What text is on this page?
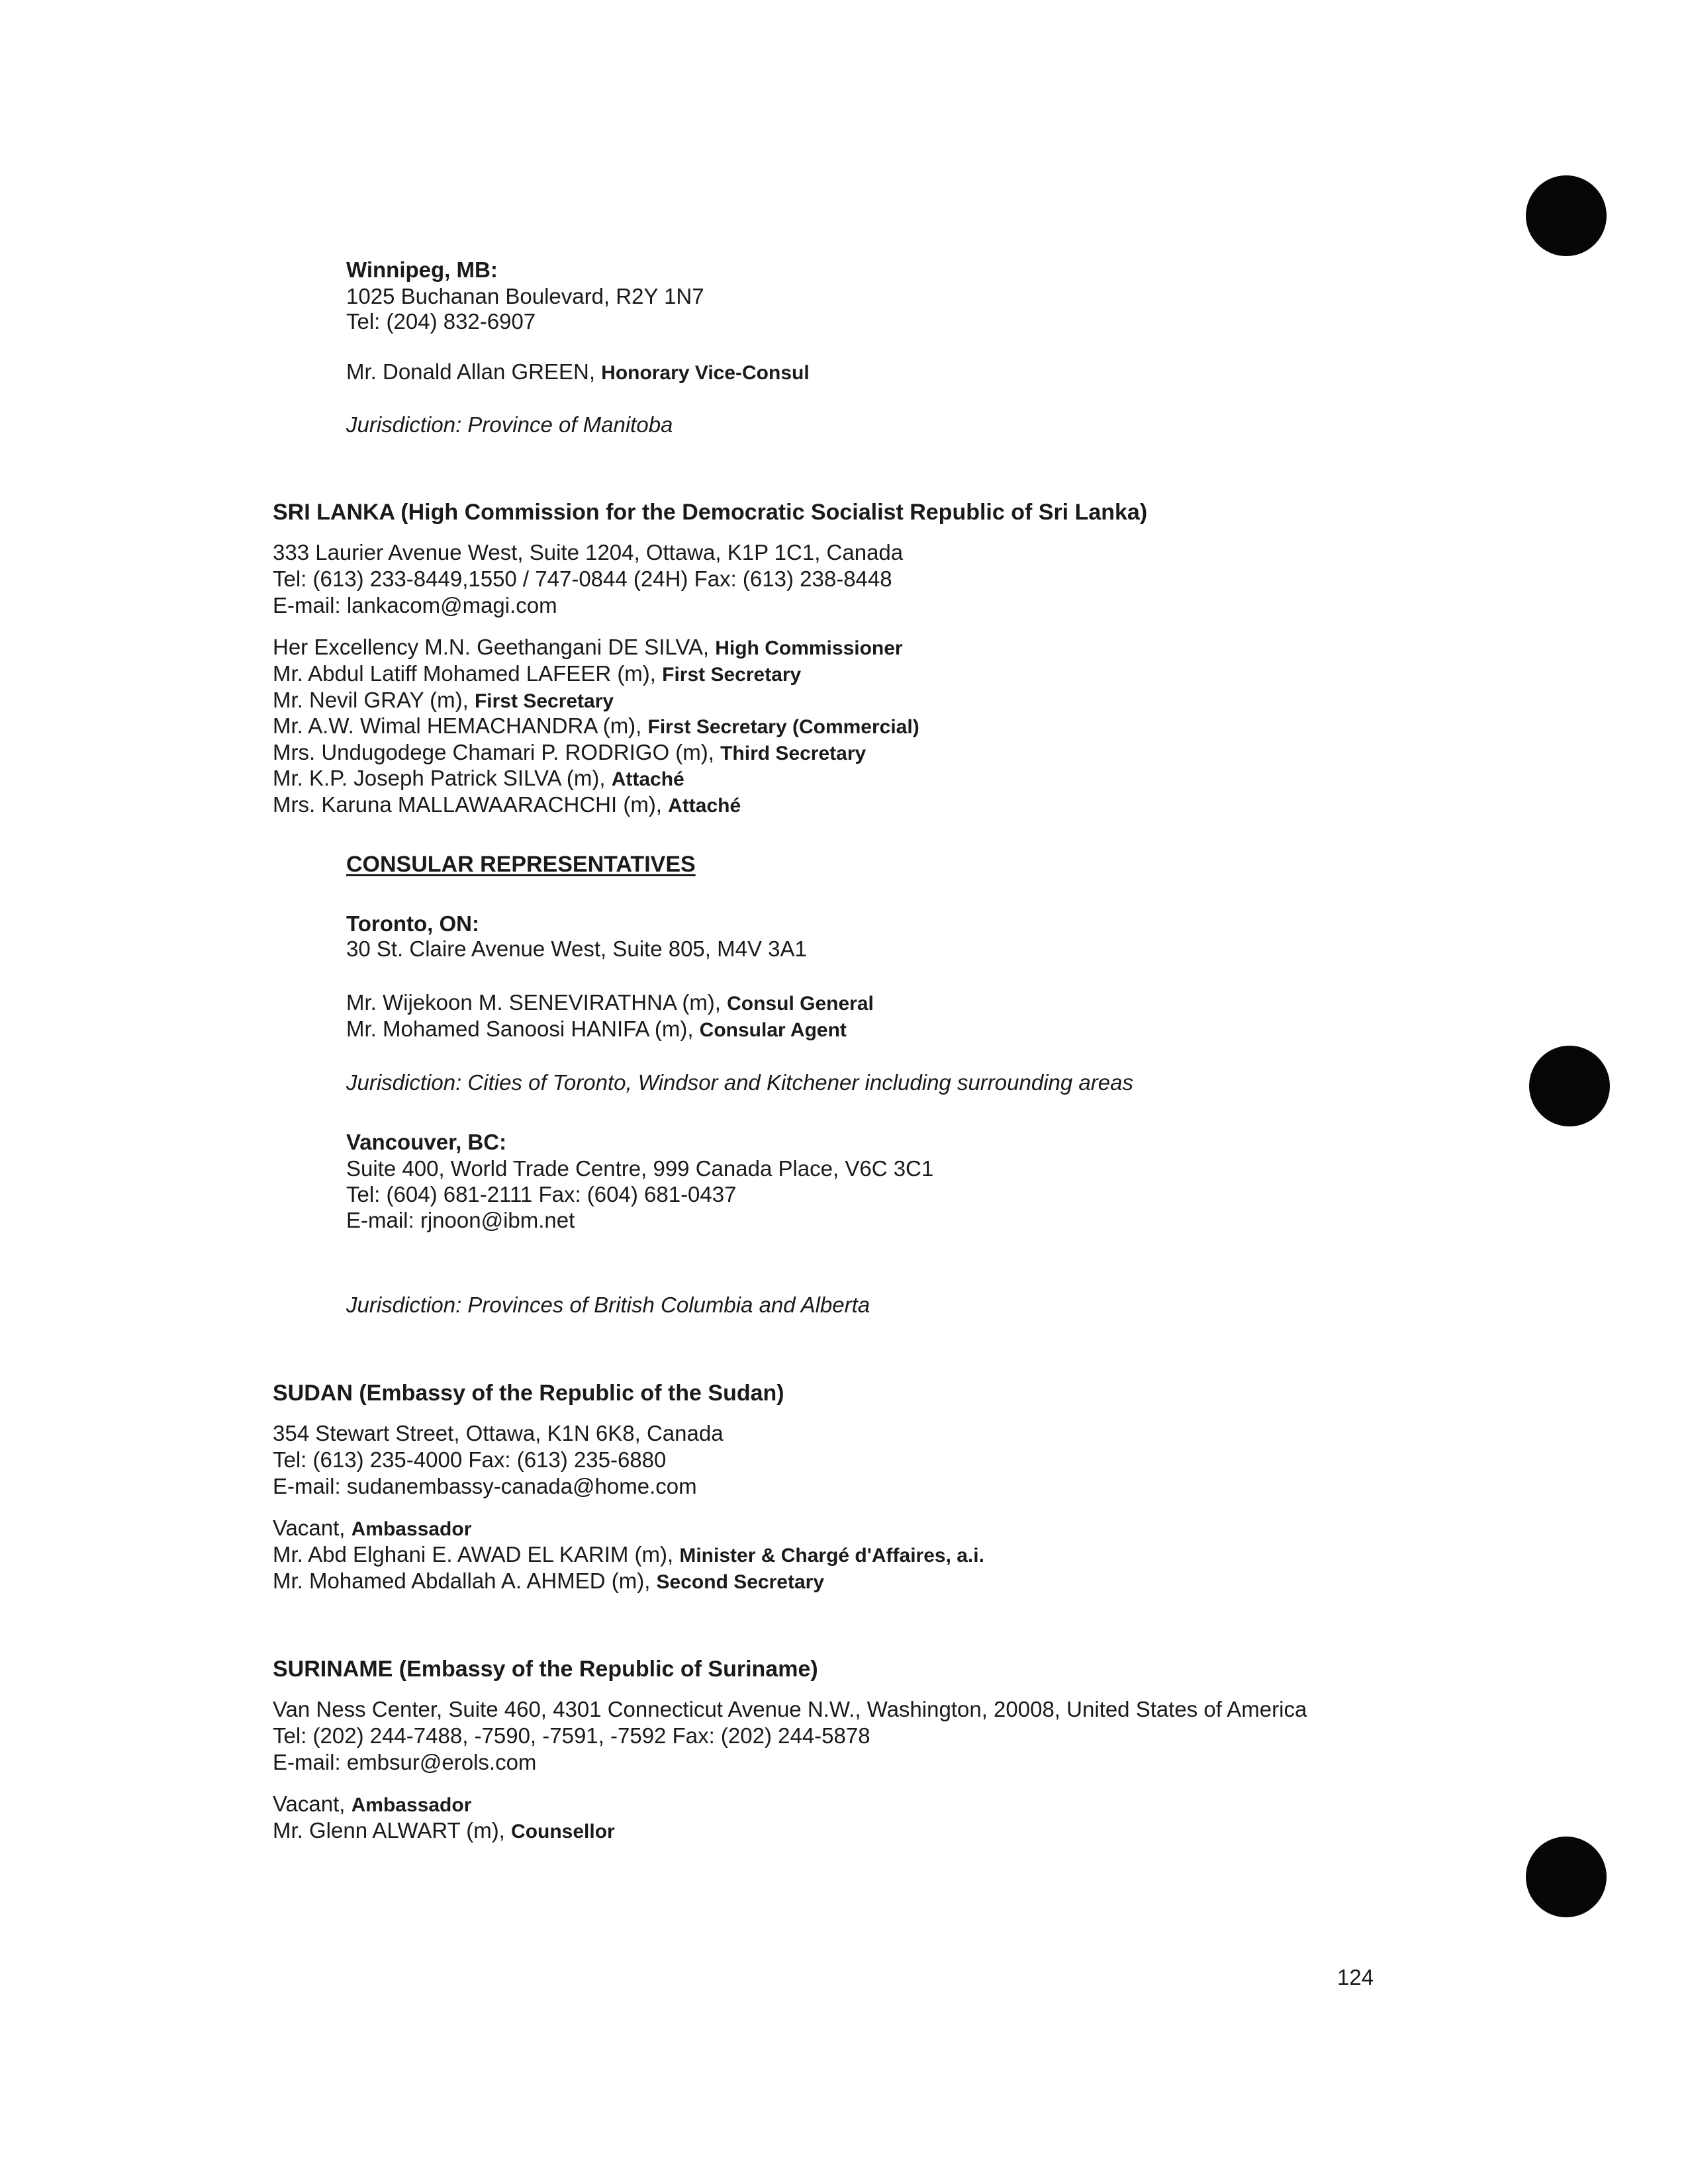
Winnipeg, MB:
1025 Buchanan Boulevard, R2Y 1N7
Tel: (204) 832-6907
Mr. Donald Allan GREEN, Honorary Vice-Consul
Jurisdiction: Province of Manitoba
SRI LANKA (High Commission for the Democratic Socialist Republic of Sri Lanka)
333 Laurier Avenue West, Suite 1204, Ottawa, K1P 1C1, Canada
Tel: (613) 233-8449,1550 / 747-0844 (24H) Fax: (613) 238-8448
E-mail: lankacom@magi.com
Her Excellency M.N. Geethangani DE SILVA, High Commissioner
Mr. Abdul Latiff Mohamed LAFEER (m), First Secretary
Mr. Nevil GRAY (m), First Secretary
Mr. A.W. Wimal HEMACHANDRA (m), First Secretary (Commercial)
Mrs. Undugodege Chamari P. RODRIGO (m), Third Secretary
Mr. K.P. Joseph Patrick SILVA (m), Attaché
Mrs. Karuna MALLAWAARACHCHI (m), Attaché
CONSULAR REPRESENTATIVES
Toronto, ON:
30 St. Claire Avenue West, Suite 805, M4V 3A1
Mr. Wijekoon M. SENEVIRATHNA (m), Consul General
Mr. Mohamed Sanoosi HANIFA (m), Consular Agent
Jurisdiction: Cities of Toronto, Windsor and Kitchener including surrounding areas
Vancouver, BC:
Suite 400, World Trade Centre, 999 Canada Place, V6C 3C1
Tel: (604) 681-2111 Fax: (604) 681-0437
E-mail: rjnoon@ibm.net
Jurisdiction: Provinces of British Columbia and Alberta
SUDAN (Embassy of the Republic of the Sudan)
354 Stewart Street, Ottawa, K1N 6K8, Canada
Tel: (613) 235-4000 Fax: (613) 235-6880
E-mail: sudanembassy-canada@home.com
Vacant, Ambassador
Mr. Abd Elghani E. AWAD EL KARIM (m), Minister & Chargé d'Affaires, a.i.
Mr. Mohamed Abdallah A. AHMED (m), Second Secretary
SURINAME (Embassy of the Republic of Suriname)
Van Ness Center, Suite 460, 4301 Connecticut Avenue N.W., Washington, 20008, United States of America
Tel: (202) 244-7488, -7590, -7591, -7592 Fax: (202) 244-5878
E-mail: embsur@erols.com
Vacant, Ambassador
Mr. Glenn ALWART (m), Counsellor
124
